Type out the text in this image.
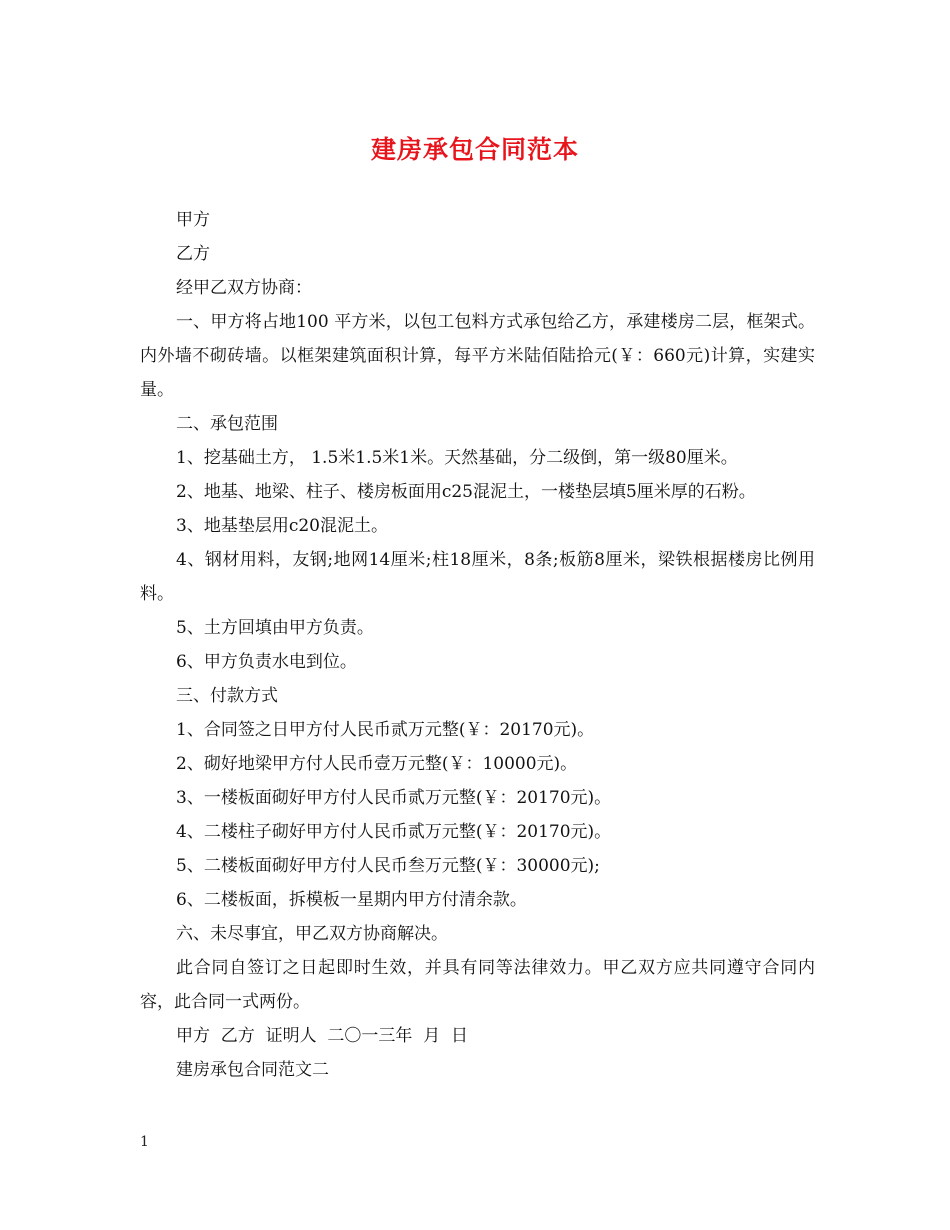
建房承包合同范本

甲方

乙方

经甲乙双方协商：

一、甲方将占地100 平方米，以包工包料方式承包给乙方，承建楼房二层，框架式。内外墙不砌砖墙。以框架建筑面积计算，每平方米陆佰陆拾元(￥：660元)计算，实建实量。

二、承包范围

1、挖基础土方， 1.5米1.5米1米。天然基础，分二级倒，第一级80厘米。

2、地基、地梁、柱子、楼房板面用c25混泥土，一楼垫层填5厘米厚的石粉。

3、地基垫层用c20混泥土。

4、钢材用料，友钢;地网14厘米;柱18厘米，8条;板筋8厘米，梁铁根据楼房比例用料。

5、土方回填由甲方负责。

6、甲方负责水电到位。

三、付款方式

1、合同签之日甲方付人民币贰万元整(￥：20170元)。

2、砌好地梁甲方付人民币壹万元整(￥：10000元)。

3、一楼板面砌好甲方付人民币贰万元整(￥：20170元)。

4、二楼柱子砌好甲方付人民币贰万元整(￥：20170元)。

5、二楼板面砌好甲方付人民币叁万元整(￥：30000元);

6、二楼板面，拆模板一星期内甲方付清余款。

六、未尽事宜，甲乙双方协商解决。

此合同自签订之日起即时生效，并具有同等法律效力。甲乙双方应共同遵守合同内容，此合同一式两份。

甲方  乙方  证明人  二〇一三年  月  日

建房承包合同范文二

1
